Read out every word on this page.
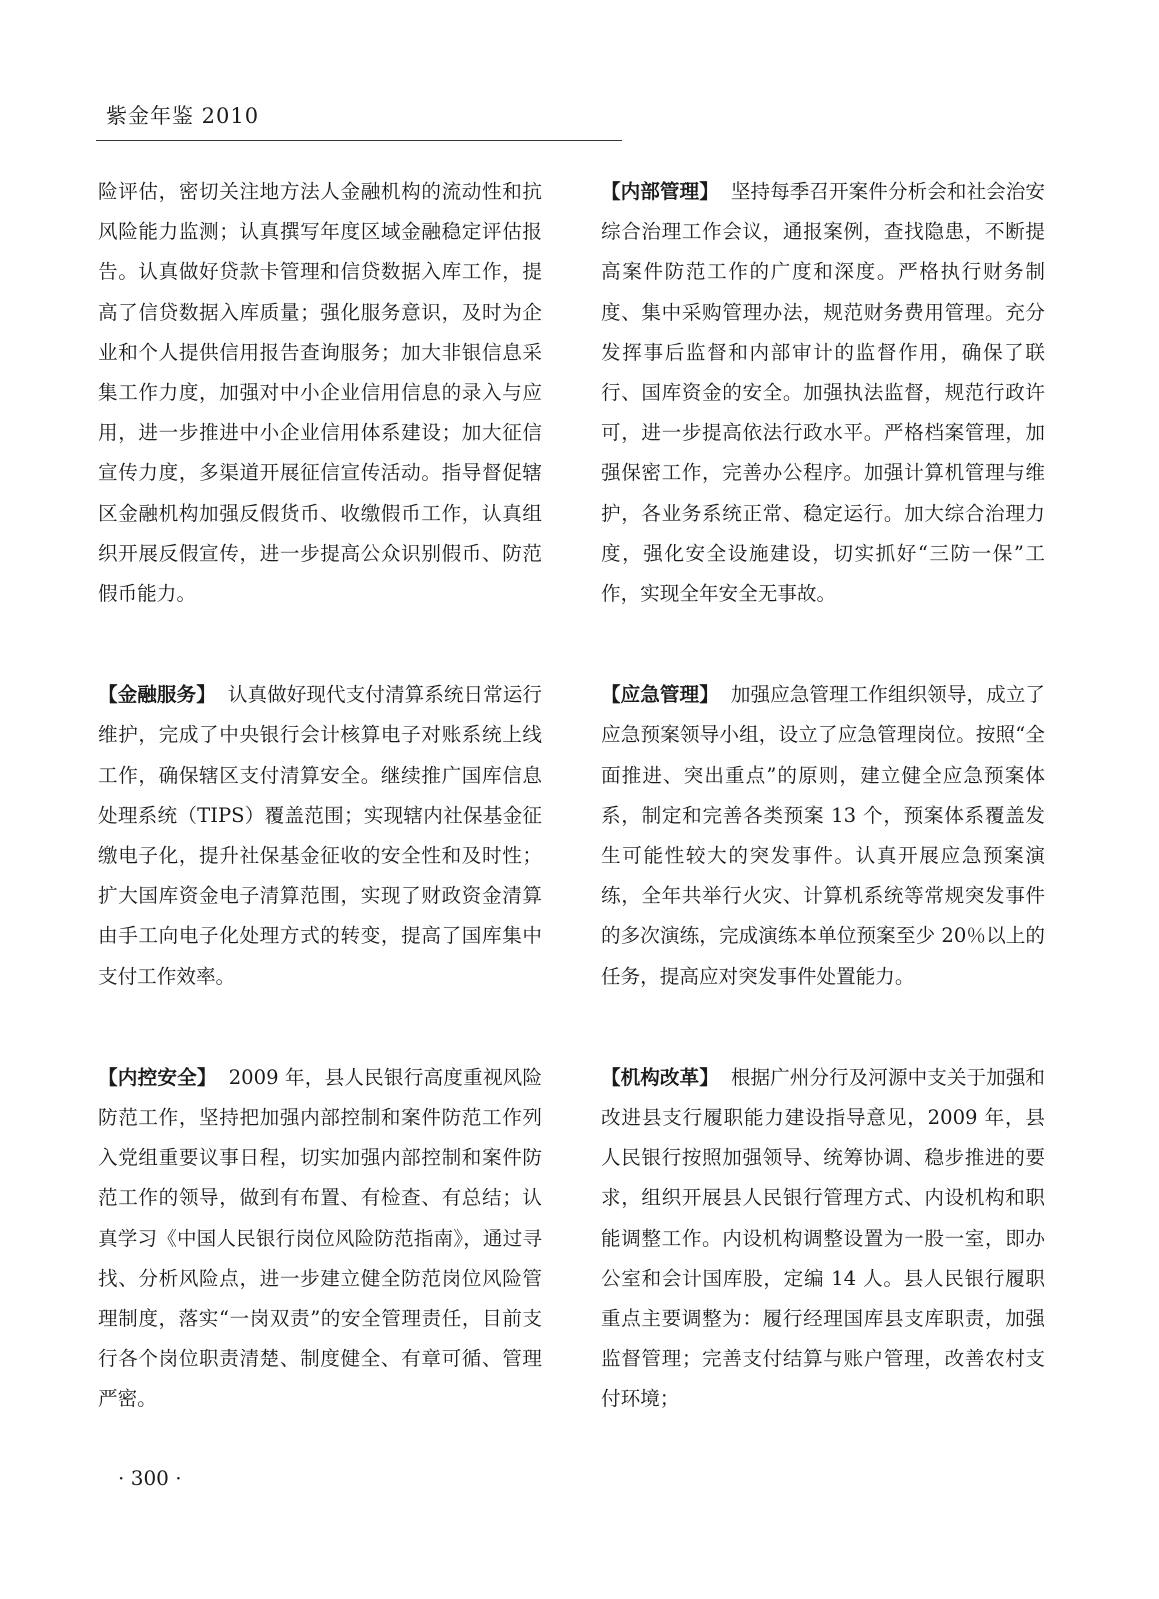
紫金年鉴 2010

险评估，密切关注地方法人金融机构的流动性和抗风险能力监测；认真撰写年度区域金融稳定评估报告。认真做好贷款卡管理和信贷数据入库工作，提高了信贷数据入库质量；强化服务意识，及时为企业和个人提供信用报告查询服务；加大非银信息采集工作力度，加强对中小企业信用信息的录入与应用，进一步推进中小企业信用体系建设；加大征信宣传力度，多渠道开展征信宣传活动。指导督促辖区金融机构加强反假货币、收缴假币工作，认真组织开展反假宣传，进一步提高公众识别假币、防范假币能力。

【金融服务】 认真做好现代支付清算系统日常运行维护，完成了中央银行会计核算电子对账系统上线工作，确保辖区支付清算安全。继续推广国库信息处理系统（TIPS）覆盖范围；实现辖内社保基金征缴电子化，提升社保基金征收的安全性和及时性；扩大国库资金电子清算范围，实现了财政资金清算由手工向电子化处理方式的转变，提高了国库集中支付工作效率。

【内控安全】 2009 年，县人民银行高度重视风险防范工作，坚持把加强内部控制和案件防范工作列入党组重要议事日程，切实加强内部控制和案件防范工作的领导，做到有布置、有检查、有总结；认真学习《中国人民银行岗位风险防范指南》，通过寻找、分析风险点，进一步建立健全防范岗位风险管理制度，落实“一岗双责”的安全管理责任，目前支行各个岗位职责清楚、制度健全、有章可循、管理严密。

【内部管理】 坚持每季召开案件分析会和社会治安综合治理工作会议，通报案例，查找隐患，不断提高案件防范工作的广度和深度。严格执行财务制度、集中采购管理办法，规范财务费用管理。充分发挥事后监督和内部审计的监督作用，确保了联行、国库资金的安全。加强执法监督，规范行政许可，进一步提高依法行政水平。严格档案管理，加强保密工作，完善办公程序。加强计算机管理与维护，各业务系统正常、稳定运行。加大综合治理力度，强化安全设施建设，切实抓好“三防一保”工作，实现全年安全无事故。

【应急管理】 加强应急管理工作组织领导，成立了应急预案领导小组，设立了应急管理岗位。按照“全面推进、突出重点”的原则，建立健全应急预案体系，制定和完善各类预案 13 个，预案体系覆盖发生可能性较大的突发事件。认真开展应急预案演练，全年共举行火灾、计算机系统等常规突发事件的多次演练，完成演练本单位预案至少 20％以上的任务，提高应对突发事件处置能力。

【机构改革】 根据广州分行及河源中支关于加强和改进县支行履职能力建设指导意见，2009 年，县人民银行按照加强领导、统筹协调、稳步推进的要求，组织开展县人民银行管理方式、内设机构和职能调整工作。内设机构调整设置为一股一室，即办公室和会计国库股，定编 14 人。县人民银行履职重点主要调整为：履行经理国库县支库职责，加强监督管理；完善支付结算与账户管理，改善农村支付环境；

· 300 ·
